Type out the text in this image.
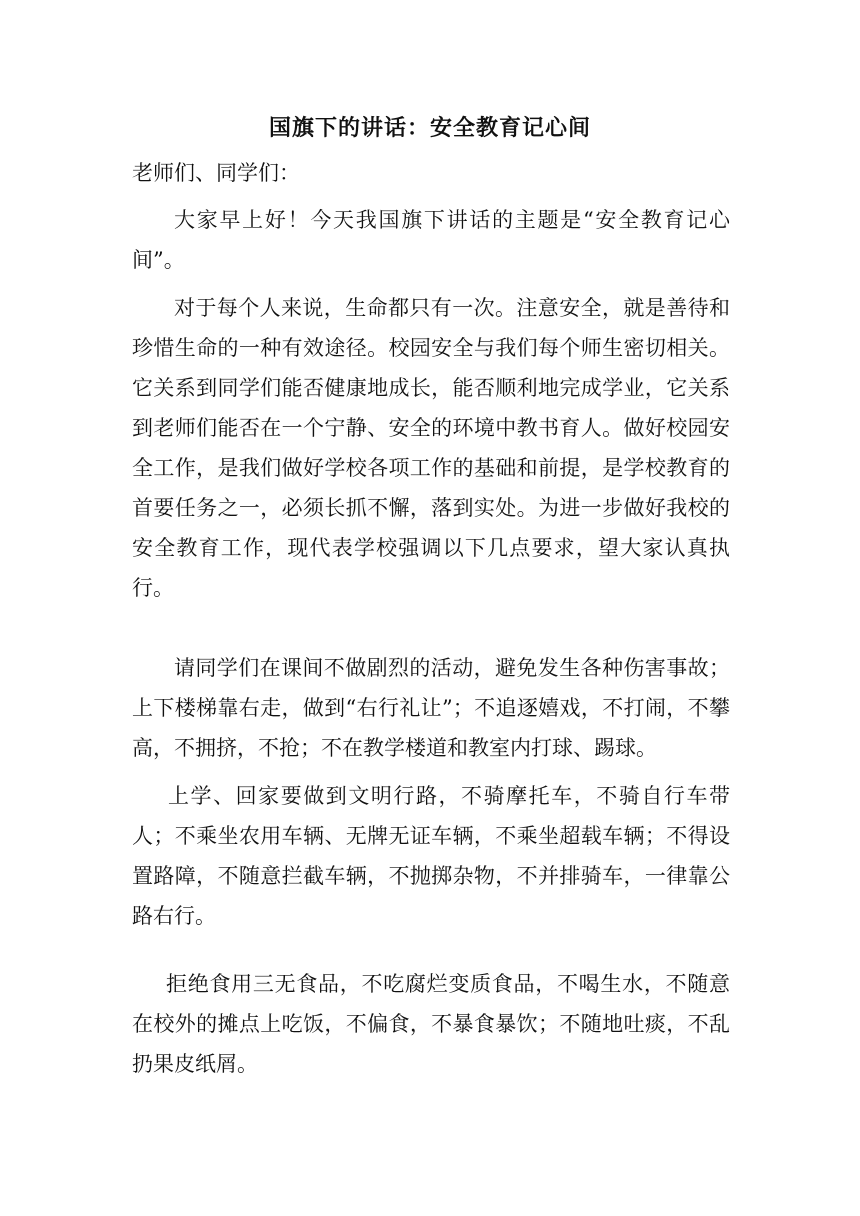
国旗下的讲话：安全教育记心间
老师们、同学们：
大家早上好！今天我国旗下讲话的主题是“安全教育记心间”。
对于每个人来说，生命都只有一次。注意安全，就是善待和珍惜生命的一种有效途径。校园安全与我们每个师生密切相关。它关系到同学们能否健康地成长，能否顺利地完成学业，它关系到老师们能否在一个宁静、安全的环境中教书育人。做好校园安全工作，是我们做好学校各项工作的基础和前提，是学校教育的首要任务之一，必须长抓不懈，落到实处。为进一步做好我校的安全教育工作，现代表学校强调以下几点要求，望大家认真执行。
请同学们在课间不做剧烈的活动，避免发生各种伤害事故；上下楼梯靠右走，做到“右行礼让”；不追逐嬉戏，不打闹，不攀高，不拥挤，不抢；不在教学楼道和教室内打球、踢球。
上学、回家要做到文明行路，不骑摩托车，不骑自行车带人；不乘坐农用车辆、无牌无证车辆，不乘坐超载车辆；不得设置路障，不随意拦截车辆，不抛掷杂物，不并排骑车，一律靠公路右行。
拒绝食用三无食品，不吃腐烂变质食品，不喝生水，不随意在校外的摊点上吃饭，不偏食，不暴食暴饮；不随地吐痰，不乱扔果皮纸屑。
